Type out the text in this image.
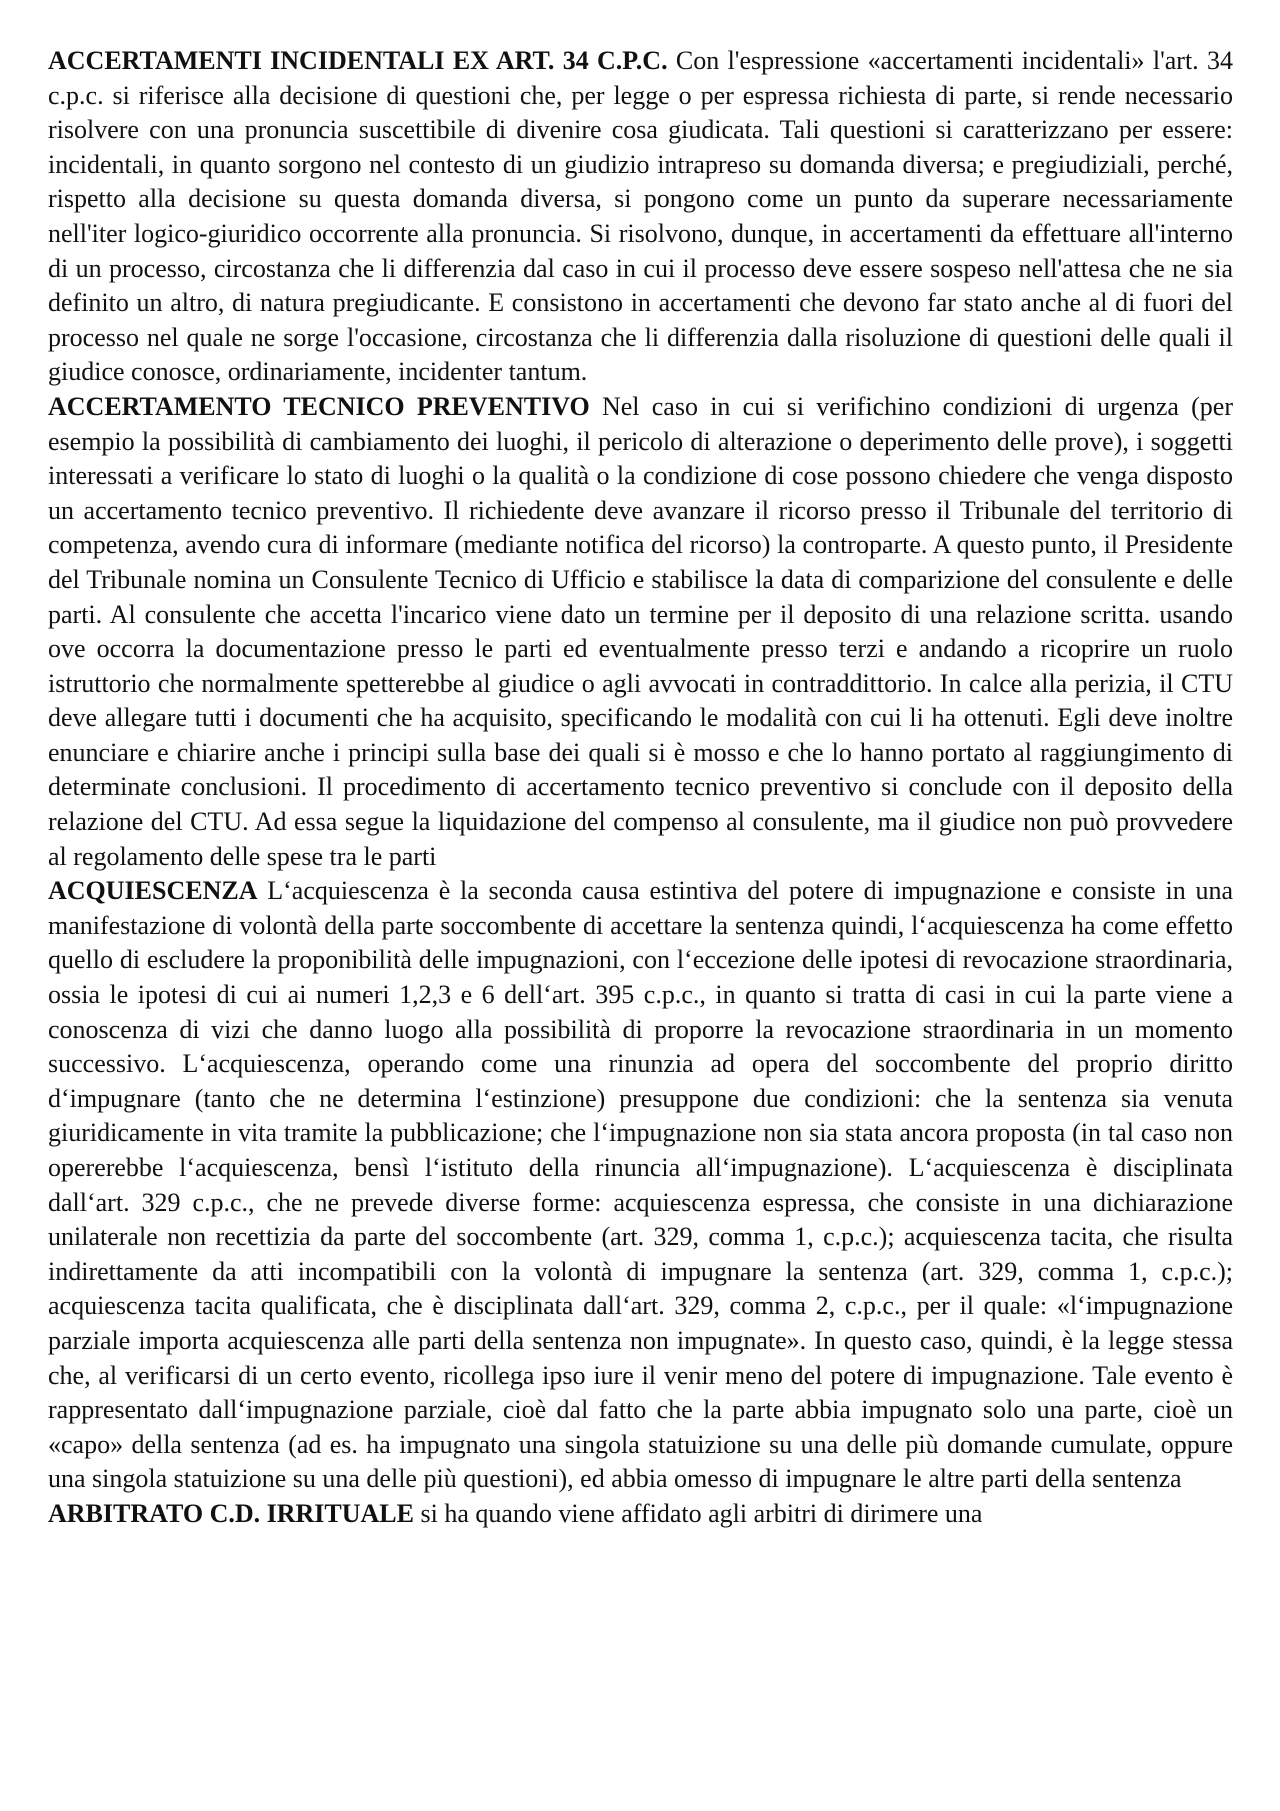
ACCERTAMENTI INCIDENTALI EX ART. 34 C.P.C. Con l'espressione «accertamenti incidentali» l'art. 34 c.p.c. si riferisce alla decisione di questioni che, per legge o per espressa richiesta di parte, si rende necessario risolvere con una pronuncia suscettibile di divenire cosa giudicata. Tali questioni si caratterizzano per essere: incidentali, in quanto sorgono nel contesto di un giudizio intrapreso su domanda diversa; e pregiudiziali, perché, rispetto alla decisione su questa domanda diversa, si pongono come un punto da superare necessariamente nell'iter logico-giuridico occorrente alla pronuncia. Si risolvono, dunque, in accertamenti da effettuare all'interno di un processo, circostanza che li differenzia dal caso in cui il processo deve essere sospeso nell'attesa che ne sia definito un altro, di natura pregiudicante. E consistono in accertamenti che devono far stato anche al di fuori del processo nel quale ne sorge l'occasione, circostanza che li differenzia dalla risoluzione di questioni delle quali il giudice conosce, ordinariamente, incidenter tantum.

ACCERTAMENTO TECNICO PREVENTIVO Nel caso in cui si verifichino condizioni di urgenza (per esempio la possibilità di cambiamento dei luoghi, il pericolo di alterazione o deperimento delle prove), i soggetti interessati a verificare lo stato di luoghi o la qualità o la condizione di cose possono chiedere che venga disposto un accertamento tecnico preventivo. Il richiedente deve avanzare il ricorso presso il Tribunale del territorio di competenza, avendo cura di informare (mediante notifica del ricorso) la controparte. A questo punto, il Presidente del Tribunale nomina un Consulente Tecnico di Ufficio e stabilisce la data di comparizione del consulente e delle parti. Al consulente che accetta l'incarico viene dato un termine per il deposito di una relazione scritta. usando ove occorra la documentazione presso le parti ed eventualmente presso terzi e andando a ricoprire un ruolo istruttorio che normalmente spetterebbe al giudice o agli avvocati in contraddittorio. In calce alla perizia, il CTU deve allegare tutti i documenti che ha acquisito, specificando le modalità con cui li ha ottenuti. Egli deve inoltre enunciare e chiarire anche i principi sulla base dei quali si è mosso e che lo hanno portato al raggiungimento di determinate conclusioni. Il procedimento di accertamento tecnico preventivo si conclude con il deposito della relazione del CTU. Ad essa segue la liquidazione del compenso al consulente, ma il giudice non può provvedere al regolamento delle spese tra le parti

ACQUIESCENZA L‘acquiescenza è la seconda causa estintiva del potere di impugnazione e consiste in una manifestazione di volontà della parte soccombente di accettare la sentenza quindi, l‘acquiescenza ha come effetto quello di escludere la proponibilità delle impugnazioni, con l‘eccezione delle ipotesi di revocazione straordinaria, ossia le ipotesi di cui ai numeri 1,2,3 e 6 dell‘art. 395 c.p.c., in quanto si tratta di casi in cui la parte viene a conoscenza di vizi che danno luogo alla possibilità di proporre la revocazione straordinaria in un momento successivo. L‘acquiescenza, operando come una rinunzia ad opera del soccombente del proprio diritto d‘impugnare (tanto che ne determina l‘estinzione) presuppone due condizioni: che la sentenza sia venuta giuridicamente in vita tramite la pubblicazione; che l‘impugnazione non sia stata ancora proposta (in tal caso non opererebbe l‘acquiescenza, bensì l‘istituto della rinuncia all‘impugnazione). L‘acquiescenza è disciplinata dall‘art. 329 c.p.c., che ne prevede diverse forme: acquiescenza espressa, che consiste in una dichiarazione unilaterale non recettizia da parte del soccombente (art. 329, comma 1, c.p.c.); acquiescenza tacita, che risulta indirettamente da atti incompatibili con la volontà di impugnare la sentenza (art. 329, comma 1, c.p.c.); acquiescenza tacita qualificata, che è disciplinata dall‘art. 329, comma 2, c.p.c., per il quale: «l‘impugnazione parziale importa acquiescenza alle parti della sentenza non impugnate». In questo caso, quindi, è la legge stessa che, al verificarsi di un certo evento, ricollega ipso iure il venir meno del potere di impugnazione. Tale evento è rappresentato dall‘impugnazione parziale, cioè dal fatto che la parte abbia impugnato solo una parte, cioè un «capo» della sentenza (ad es. ha impugnato una singola statuizione su una delle più domande cumulate, oppure una singola statuizione su una delle più questioni), ed abbia omesso di impugnare le altre parti della sentenza

ARBITRATO C.D. IRRITUALE si ha quando viene affidato agli arbitri di dirimere una
